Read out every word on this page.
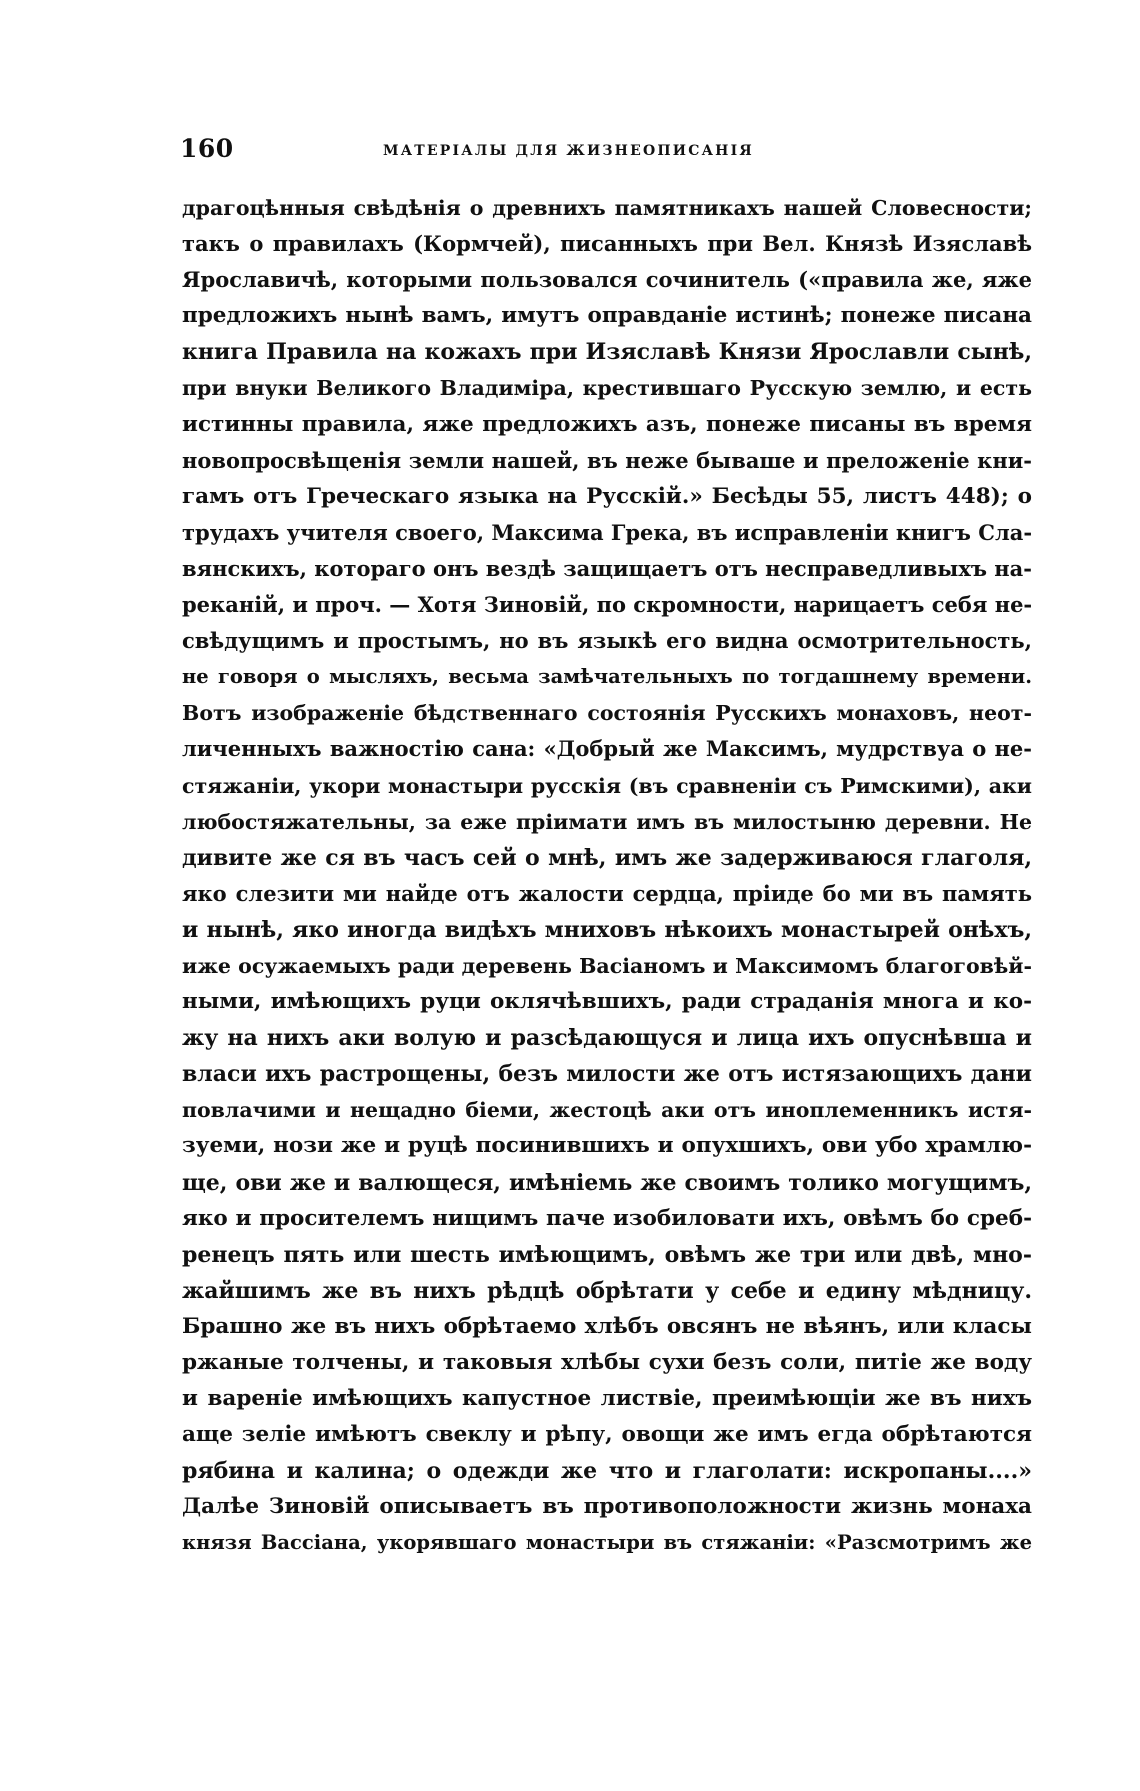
160	МАТЕРIАЛЫ ДЛЯ ЖИЗНЕОПИСАНIЯ
драгоцѣнныя свѣдѣнія о древнихъ памятникахъ нашей Словесности;
такъ о правилахъ (Кормчей), писанныхъ при Вел. Князѣ Изяславѣ
Ярославичѣ, которыми пользовался сочинитель («правила же, яже
предложихъ нынѣ вамъ, имутъ оправданіе истинѣ; понеже писана
книга Правила на кожахъ при Изяславѣ Князи Ярославли сынѣ,
при внуки Великого Владиміра, крестившаго Русскую землю, и есть
истинны правила, яже предложихъ азъ, понеже писаны въ время
новопросвѣщенія земли нашей, въ неже бываше и преложеніе кни-
гамъ отъ Греческаго языка на Русскій.» Бесѣды 55, листъ 448); о
трудахъ учителя своего, Максима Грека, въ исправленіи книгъ Сла-
вянскихъ, котораго онъ вездѣ защищаетъ отъ несправедливыхъ на-
реканій, и проч. — Хотя Зиновій, по скромности, нарицаетъ себя не-
свѣдущимъ и простымъ, но въ языкѣ его видна осмотрительность,
не говоря о мысляхъ, весьма замѣчательныхъ по тогдашнему времени.
Вотъ изображеніе бѣдственнаго состоянія Русскихъ монаховъ, неот-
личенныхъ важностію сана: «Добрый же Максимъ, мудрствуа о не-
стяжаніи, укори монастыри русскія (въ сравненіи съ Римскими), аки
любостяжательны, за еже пріимати имъ въ милостыню деревни. Не
дивите же ся въ часъ сей о мнѣ, имъ же задерживаюся глаголя,
яко слезити ми найде отъ жалости сердца, пріиде бо ми въ память
и нынѣ, яко иногда видѣхъ мниховъ нѣкоихъ монастырей онѣхъ,
иже осужаемыхъ ради деревень Васіаномъ и Максимомъ благоговѣй-
ными, имѣющихъ руци оклячѣвшихъ, ради страданія многа и ко-
жу на нихъ аки волую и разсѣдающуся и лица ихъ опуснѣвша и
власи ихъ растрощены, безъ милости же отъ истязающихъ дани
повлачими и нещадно біеми, жестоцѣ аки отъ иноплеменникъ истя-
зуеми, нози же и руцѣ посинившихъ и опухшихъ, ови убо храмлю-
ще, ови же и валющеся, имѣніемь же своимъ толико могущимъ,
яко и просителемъ нищимъ паче изобиловати ихъ, овѣмъ бо среб-
ренецъ пять или шесть имѣющимъ, овѣмъ же три или двѣ, мно-
жайшимъ же въ нихъ рѣдцѣ обрѣтати у себе и едину мѣдницу.
Брашно же въ нихъ обрѣтаемо хлѣбъ овсянъ не вѣянъ, или класы
ржаные толчены, и таковыя хлѣбы сухи безъ соли, питіе же воду
и вареніе имѣющихъ капустное листвіе, преимѣющіи же въ нихъ
аще зеліе имѣютъ свеклу и рѣпу, овощи же имъ егда обрѣтаются
рябина и калина; о одежди же что и глаголати: искропаны....»
Далѣе Зиновій описываетъ въ противоположности жизнь монаха
князя Вассіана, укорявшаго монастыри въ стяжаніи: «Разсмотримъ же
